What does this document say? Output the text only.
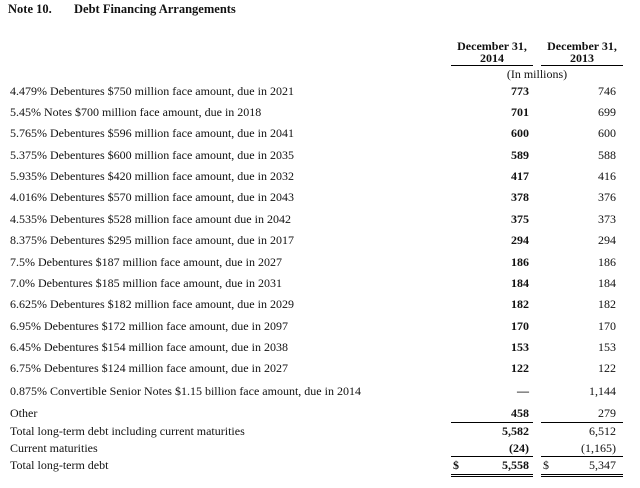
Note 10. Debt Financing Arrangements
December 31,
2014
December 31,
2013
(In millions)
4.479% Debentures $750 million face amount, due in 2021	773	746
5.45% Notes $700 million face amount, due in 2018	701	699
5.765% Debentures $596 million face amount, due in 2041	600	600
5.375% Debentures $600 million face amount, due in 2035	589	588
5.935% Debentures $420 million face amount, due in 2032	417	416
4.016% Debentures $570 million face amount, due in 2043	378	376
4.535% Debentures $528 million face amount due in 2042	375	373
8.375% Debentures $295 million face amount, due in 2017	294	294
7.5% Debentures $187 million face amount, due in 2027	186	186
7.0% Debentures $185 million face amount, due in 2031	184	184
6.625% Debentures $182 million face amount, due in 2029	182	182
6.95% Debentures $172 million face amount, due in 2097	170	170
6.45% Debentures $154 million face amount, due in 2038	153	153
6.75% Debentures $124 million face amount, due in 2027	122	122
0.875% Convertible Senior Notes $1.15 billion face amount, due in 2014	—	1,144
Other	458	279
Total long-term debt including current maturities	5,582	6,512
Current maturities	(24)	(1,165)
Total long-term debt	5,558	5,347
$	$
